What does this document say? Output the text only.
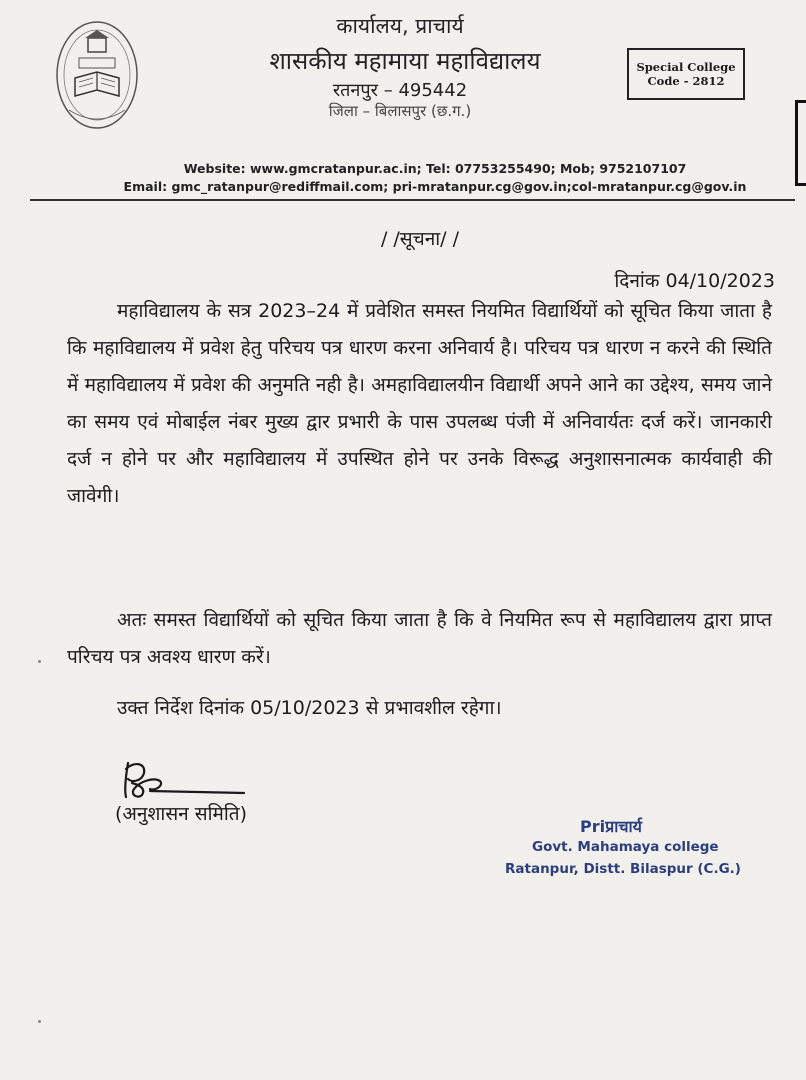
कार्यालय, प्राचार्य
शासकीय महामाया महाविद्यालय
रतनपुर – 495442
जिला – बिलासपुर (छ.ग.)
Special College
Code - 2812
Website: www.gmcratanpur.ac.in; Tel: 07753255490; Mob; 9752107107
Email: gmc_ratanpur@rediffmail.com; pri-mratanpur.cg@gov.in;col-mratanpur.cg@gov.in
/ /सूचना/ /
दिनांक 04/10/2023
महाविद्यालय के सत्र 2023–24 में प्रवेशित समस्त नियमित विद्यार्थियों को सूचित किया जाता है कि महाविद्यालय में प्रवेश हेतु परिचय पत्र धारण करना अनिवार्य है। परिचय पत्र धारण न करने की स्थिति में महाविद्यालय में प्रवेश की अनुमति नही है। अमहाविद्यालयीन विद्यार्थी अपने आने का उद्देश्य, समय जाने का समय एवं मोबाईल नंबर मुख्य द्वार प्रभारी के पास उपलब्ध पंजी में अनिवार्यतः दर्ज करें। जानकारी दर्ज न होने पर और महाविद्यालय में उपस्थित होने पर उनके विरूद्ध अनुशासनात्मक कार्यवाही की जावेगी।
अतः समस्त विद्यार्थियों को सूचित किया जाता है कि वे नियमित रूप से महाविद्यालय द्वारा प्राप्त परिचय पत्र अवश्य धारण करें।
उक्त निर्देश दिनांक 05/10/2023 से प्रभावशील रहेगा।
(अनुशासन समिति)
Priप्राचार्य
Govt. Mahamaya college
Ratanpur, Distt. Bilaspur (C.G.)
